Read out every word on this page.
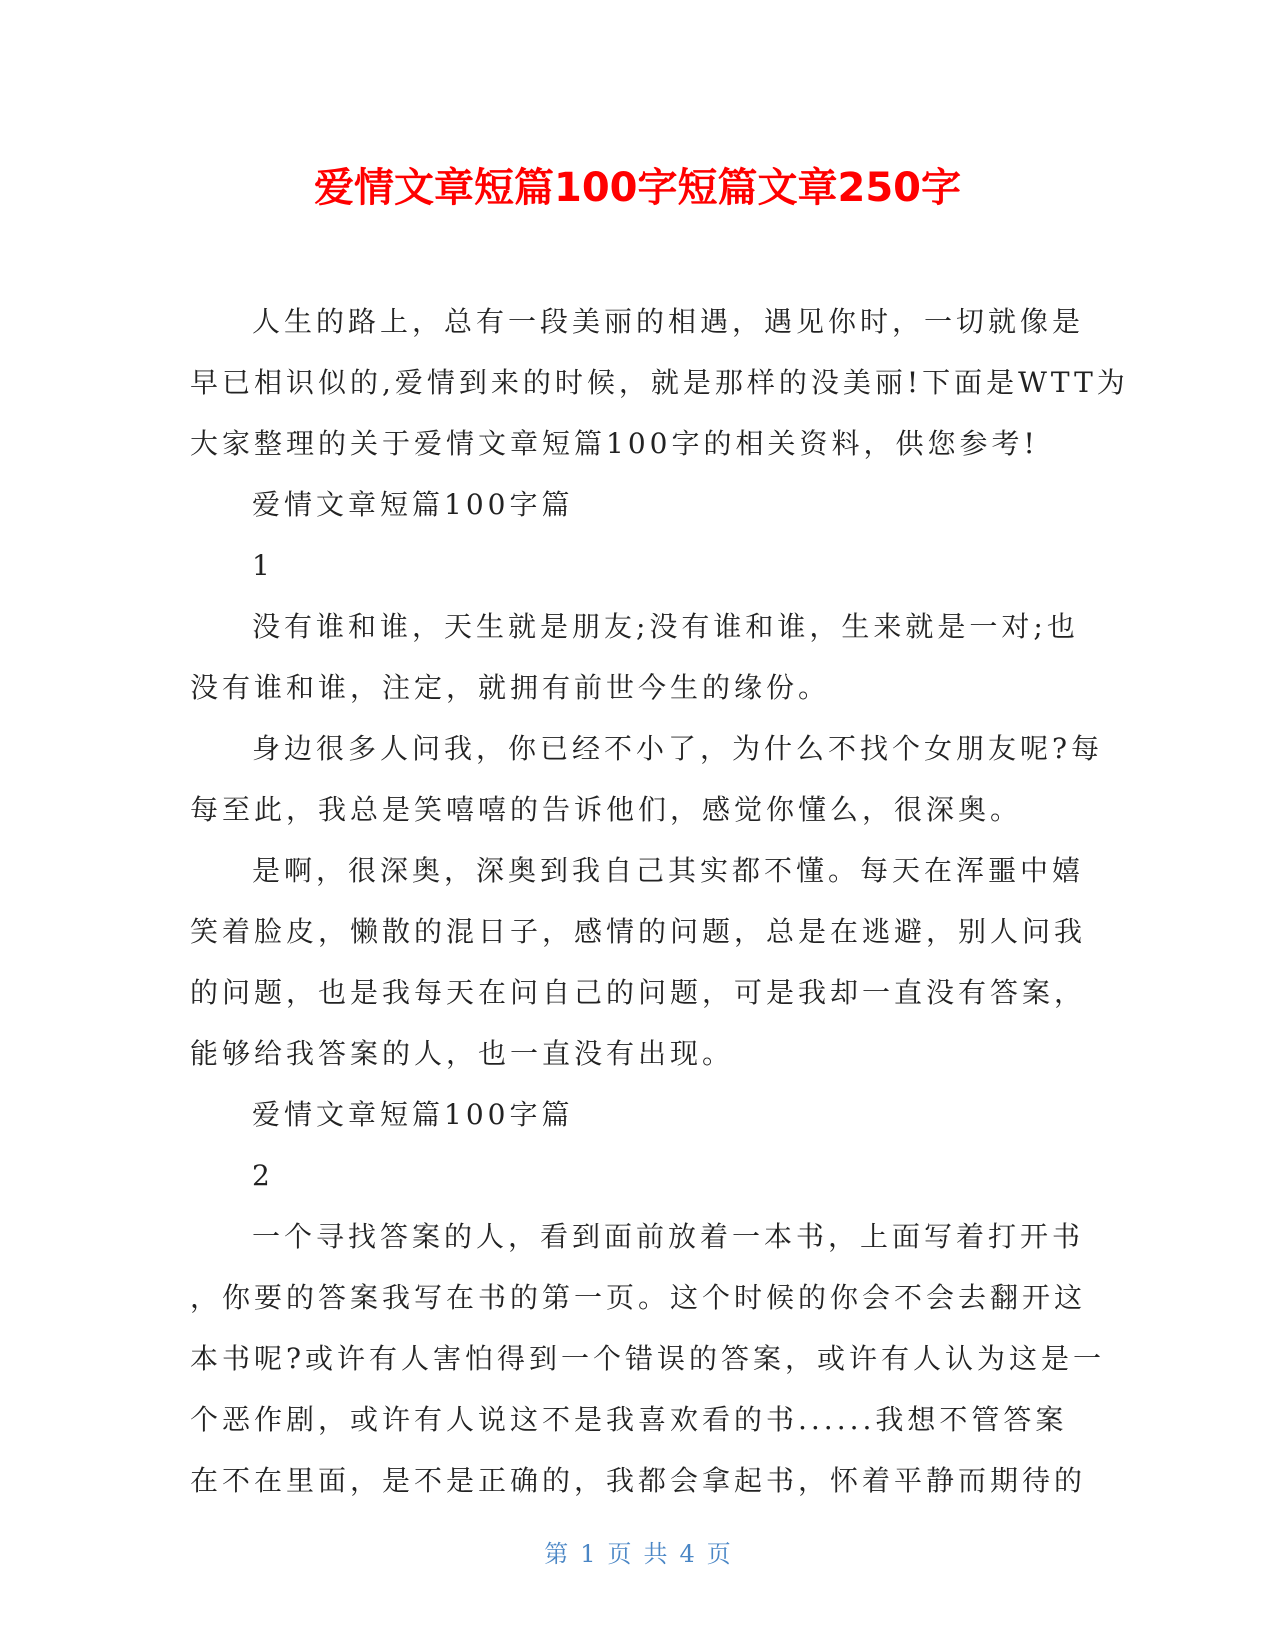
爱情文章短篇100字短篇文章250字

人生的路上，总有一段美丽的相遇，遇见你时，一切就像是

早已相识似的,爱情到来的时候，就是那样的没美丽!下面是WTT为

大家整理的关于爱情文章短篇100字的相关资料，供您参考!

爱情文章短篇100字篇

1

没有谁和谁，天生就是朋友;没有谁和谁，生来就是一对;也

没有谁和谁，注定，就拥有前世今生的缘份。

身边很多人问我，你已经不小了，为什么不找个女朋友呢?每

每至此，我总是笑嘻嘻的告诉他们，感觉你懂么，很深奥。

是啊，很深奥，深奥到我自己其实都不懂。每天在浑噩中嬉

笑着脸皮，懒散的混日子，感情的问题，总是在逃避，别人问我

的问题，也是我每天在问自己的问题，可是我却一直没有答案，

能够给我答案的人，也一直没有出现。

爱情文章短篇100字篇

2

一个寻找答案的人，看到面前放着一本书，上面写着打开书

，你要的答案我写在书的第一页。这个时候的你会不会去翻开这

本书呢?或许有人害怕得到一个错误的答案，或许有人认为这是一

个恶作剧，或许有人说这不是我喜欢看的书......我想不管答案

在不在里面，是不是正确的，我都会拿起书，怀着平静而期待的

第 1 页 共 4 页
